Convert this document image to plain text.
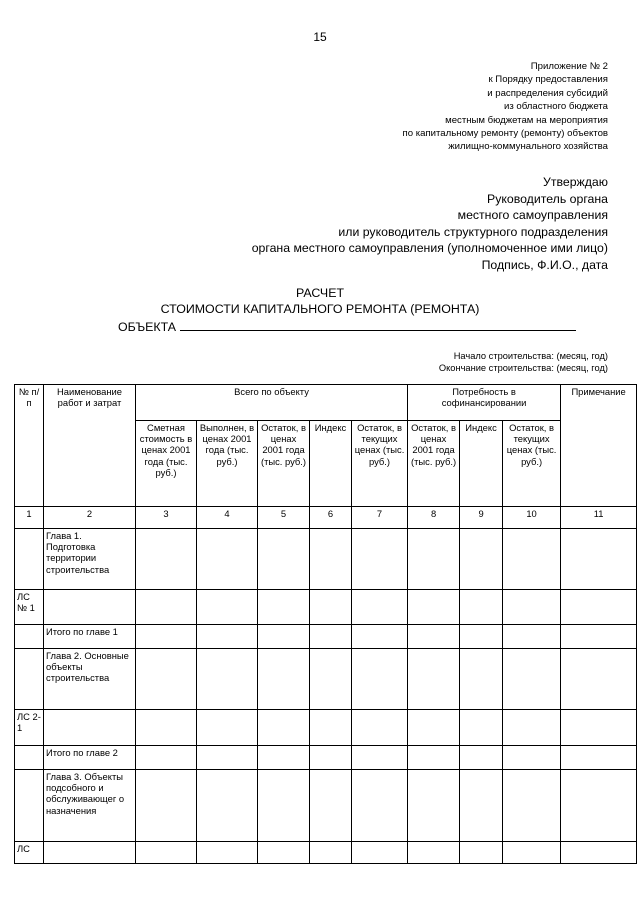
15
Приложение № 2
к Порядку предоставления
и распределения субсидий
из областного бюджета
местным бюджетам на мероприятия
по капитальному ремонту (ремонту) объектов
жилищно-коммунального хозяйства
Утверждаю
Руководитель органа
местного самоуправления
или руководитель структурного подразделения
органа местного самоуправления (уполномоченное ими лицо)
Подпись, Ф.И.О., дата
РАСЧЕТ
СТОИМОСТИ КАПИТАЛЬНОГО РЕМОНТА (РЕМОНТА)
ОБЪЕКТА
Начало строительства: (месяц, год)
Окончание строительства: (месяц, год)
№ п/п	Наименование работ и затрат	Всего по объекту					Потребность в софинансировании			Примечание
		Сметная стоимость в ценах 2001 года (тыс. руб.)	Выполнен, в ценах 2001 года (тыс. руб.)	Остаток, в ценах 2001 года (тыс. руб.)	Индекс	Остаток, в текущих ценах (тыс. руб.)	Остаток, в ценах 2001 года (тыс. руб.)	Индекс	Остаток, в текущих ценах (тыс. руб.)	
1	2	3	4	5	6	7	8	9	10	11
	Глава 1. Подготовка территории строительства									
ЛС № 1										
	Итого по главе 1									
	Глава 2. Основные объекты строительства									
ЛС 2-1										
	Итого по главе 2									
	Глава 3. Объекты подсобного и обслуживающег о назначения									
ЛС										
